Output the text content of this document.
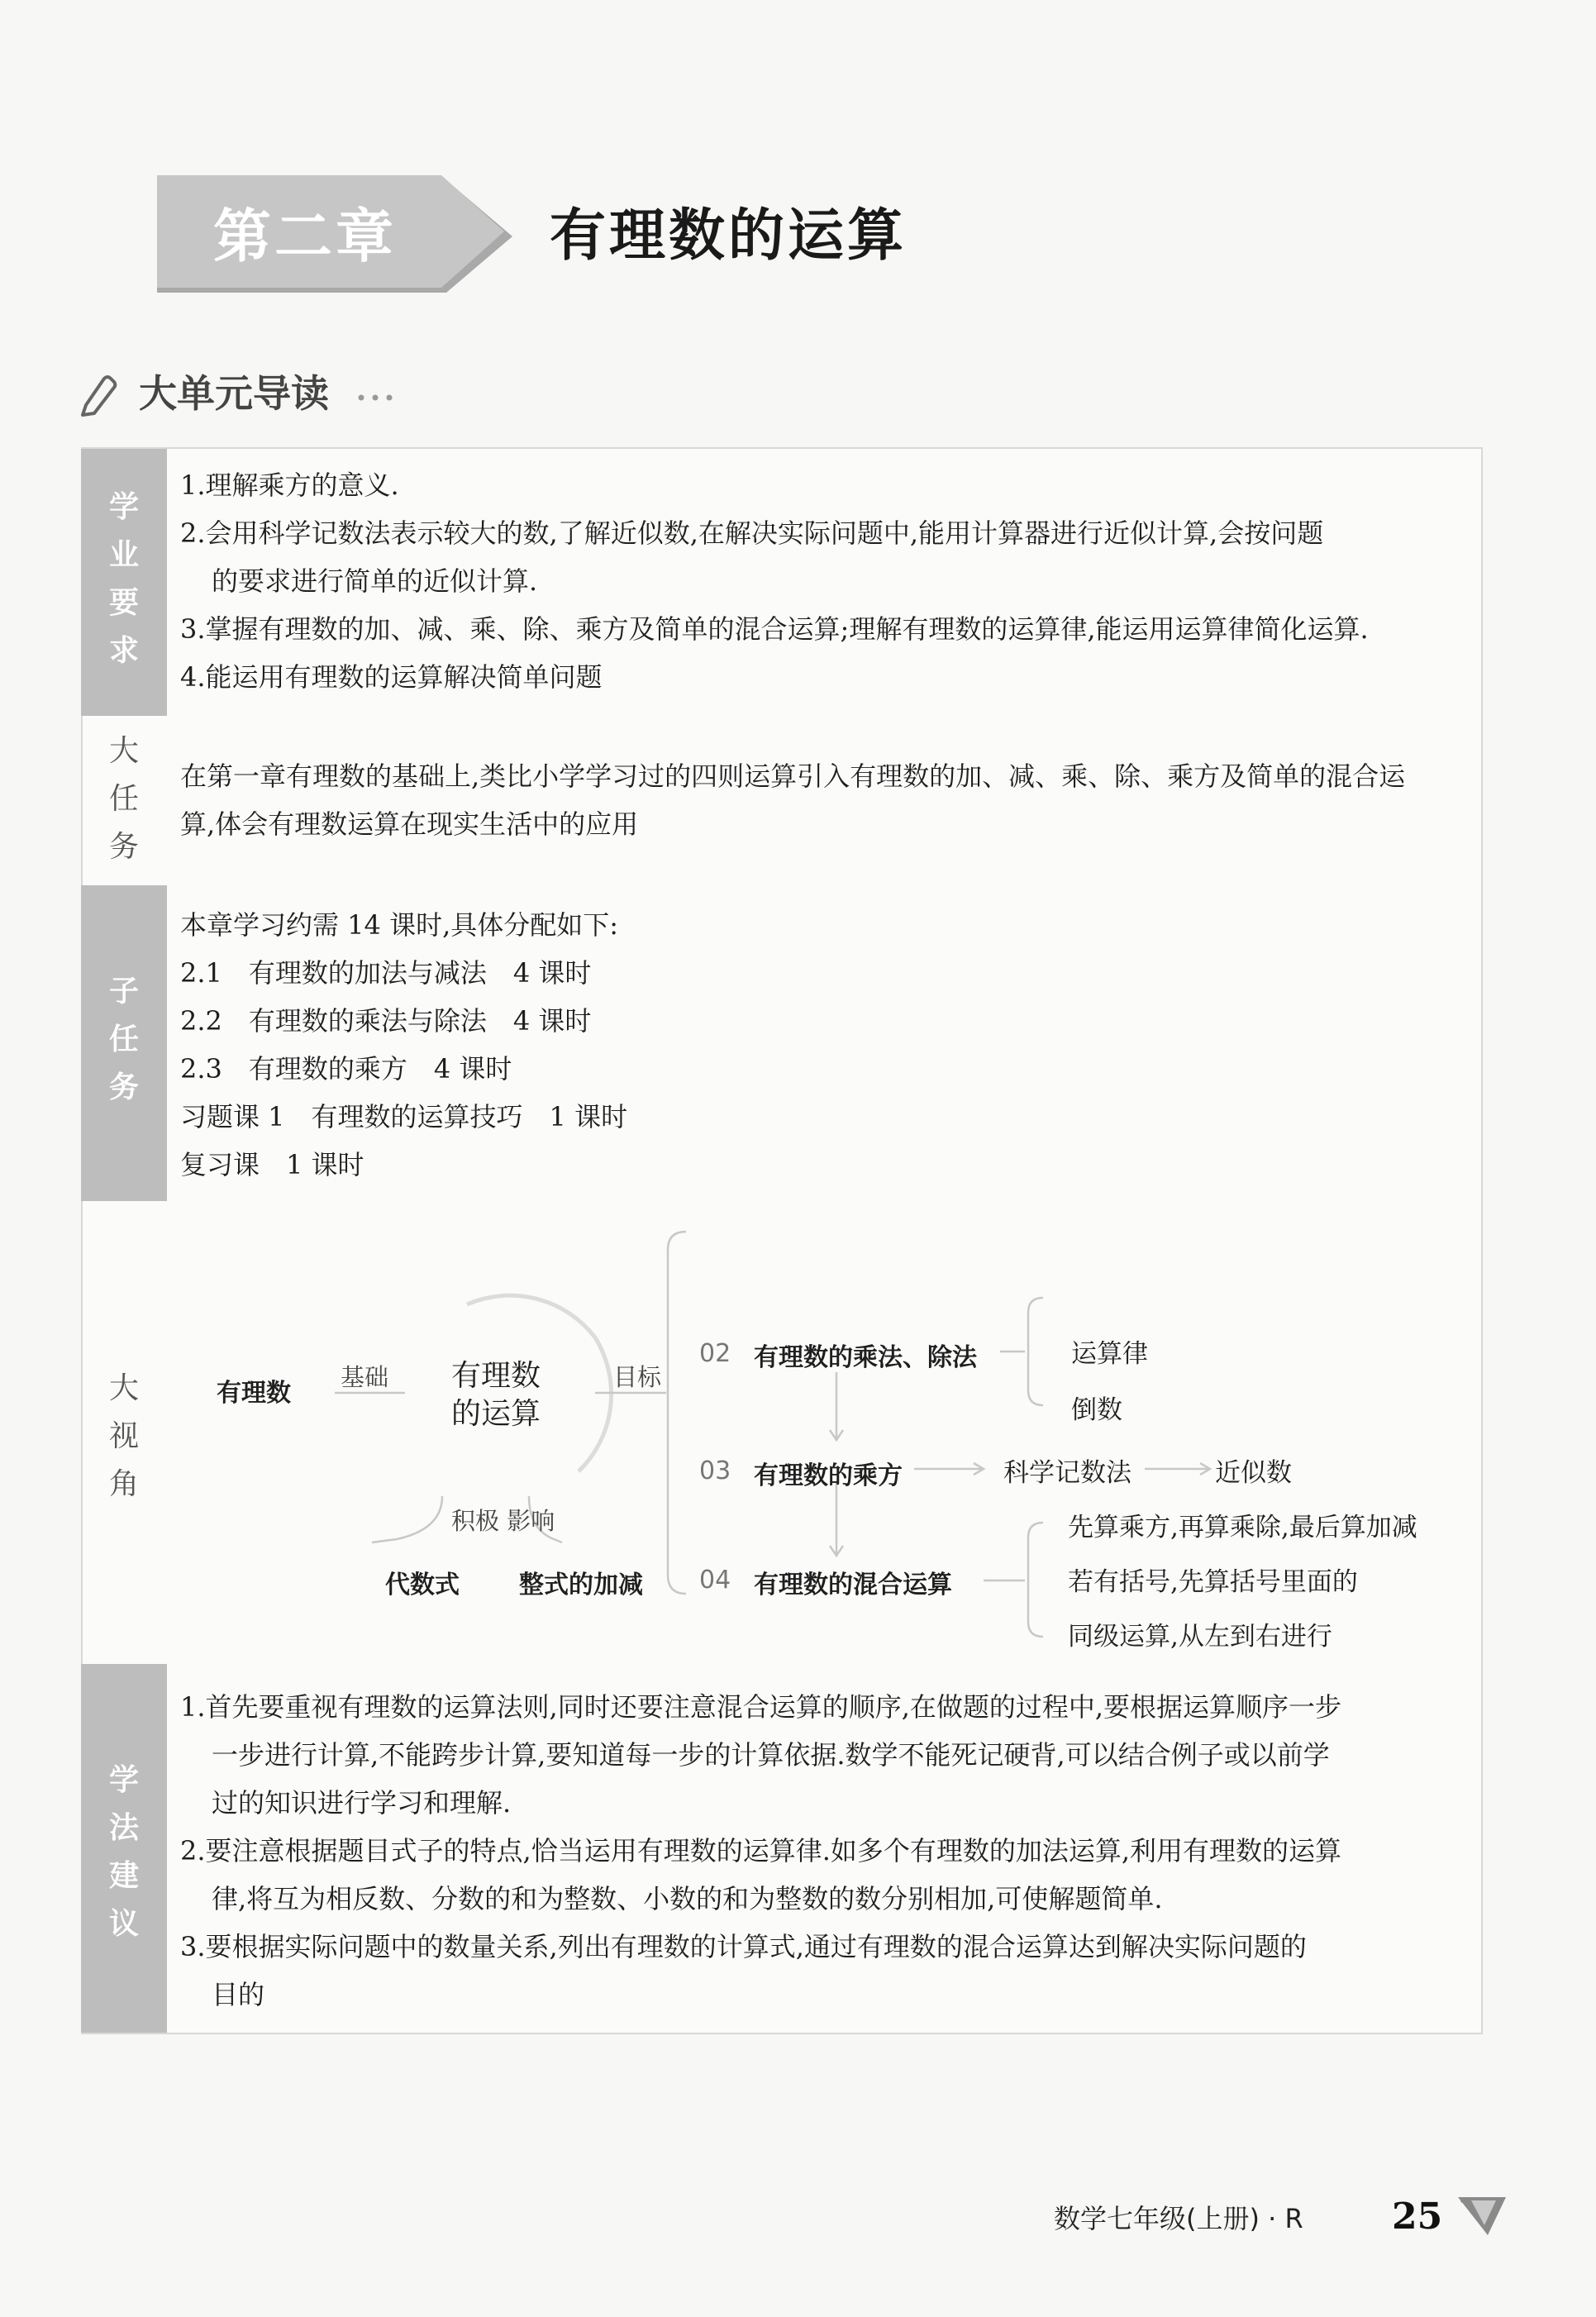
第二章	有理数的运算
大单元导读
学
业
要
求
1.理解乘方的意义.
2.会用科学记数法表示较大的数,了解近似数,在解决实际问题中,能用计算器进行近似计算,会按问题
的要求进行简单的近似计算.
3.掌握有理数的加、减、乘、除、乘方及简单的混合运算;理解有理数的运算律,能运用运算律简化运算.
4.能运用有理数的运算解决简单问题
大
任
务
在第一章有理数的基础上,类比小学学习过的四则运算引入有理数的加、减、乘、除、乘方及简单的混合运
算,体会有理数运算在现实生活中的应用
子
任
务
本章学习约需 14 课时,具体分配如下:
2.1　有理数的加法与减法　4 课时
2.2　有理数的乘法与除法　4 课时
2.3　有理数的乘方　4 课时
习题课 1　有理数的运算技巧　1 课时
复习课　1 课时
大
视
角
有理数
基础 有理数
的运算
目标
积极 影响
代数式 整式的加减
02 有理数的乘法、除法	运算律
倒数
03 有理数的乘方	科学记数法	近似数
04 有理数的混合运算
先算乘方,再算乘除,最后算加减
若有括号,先算括号里面的
同级运算,从左到右进行
学
法
建
议
1.首先要重视有理数的运算法则,同时还要注意混合运算的顺序,在做题的过程中,要根据运算顺序一步
一步进行计算,不能跨步计算,要知道每一步的计算依据.数学不能死记硬背,可以结合例子或以前学
过的知识进行学习和理解.
2.要注意根据题目式子的特点,恰当运用有理数的运算律.如多个有理数的加法运算,利用有理数的运算
律,将互为相反数、分数的和为整数、小数的和为整数的数分别相加,可使解题简单.
3.要根据实际问题中的数量关系,列出有理数的计算式,通过有理数的混合运算达到解决实际问题的
目的
数学七年级(上册) · R 25
